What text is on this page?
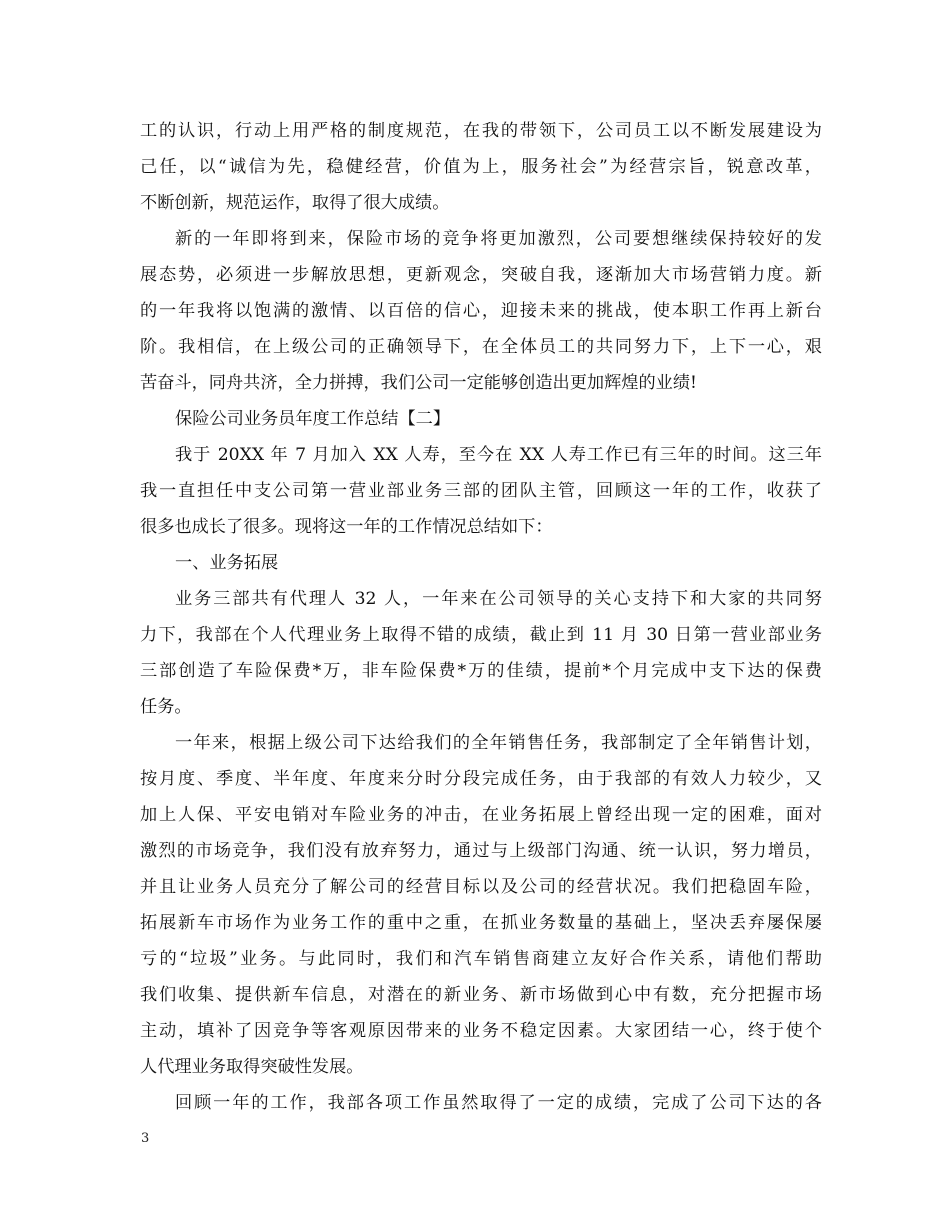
工的认识，行动上用严格的制度规范，在我的带领下，公司员工以不断发展建设为
己任，以“诚信为先，稳健经营，价值为上，服务社会”为经营宗旨，锐意改革，
不断创新，规范运作，取得了很大成绩。
新的一年即将到来，保险市场的竞争将更加激烈，公司要想继续保持较好的发
展态势，必须进一步解放思想，更新观念，突破自我，逐渐加大市场营销力度。新
的一年我将以饱满的激情、以百倍的信心，迎接未来的挑战，使本职工作再上新台
阶。我相信，在上级公司的正确领导下，在全体员工的共同努力下，上下一心，艰
苦奋斗，同舟共济，全力拼搏，我们公司一定能够创造出更加辉煌的业绩!
保险公司业务员年度工作总结【二】
我于 20XX 年 7 月加入 XX 人寿，至今在 XX 人寿工作已有三年的时间。这三年
我一直担任中支公司第一营业部业务三部的团队主管，回顾这一年的工作，收获了
很多也成长了很多。现将这一年的工作情况总结如下：
一、业务拓展
业务三部共有代理人 32 人，一年来在公司领导的关心支持下和大家的共同努
力下，我部在个人代理业务上取得不错的成绩，截止到 11 月 30 日第一营业部业务
三部创造了车险保费*万，非车险保费*万的佳绩，提前*个月完成中支下达的保费
任务。
一年来，根据上级公司下达给我们的全年销售任务，我部制定了全年销售计划，
按月度、季度、半年度、年度来分时分段完成任务，由于我部的有效人力较少，又
加上人保、平安电销对车险业务的冲击，在业务拓展上曾经出现一定的困难，面对
激烈的市场竞争，我们没有放弃努力，通过与上级部门沟通、统一认识，努力增员，
并且让业务人员充分了解公司的经营目标以及公司的经营状况。我们把稳固车险，
拓展新车市场作为业务工作的重中之重，在抓业务数量的基础上，坚决丢弃屡保屡
亏的“垃圾”业务。与此同时，我们和汽车销售商建立友好合作关系，请他们帮助
我们收集、提供新车信息，对潜在的新业务、新市场做到心中有数，充分把握市场
主动，填补了因竞争等客观原因带来的业务不稳定因素。大家团结一心，终于使个
人代理业务取得突破性发展。
回顾一年的工作，我部各项工作虽然取得了一定的成绩，完成了公司下达的各
3
